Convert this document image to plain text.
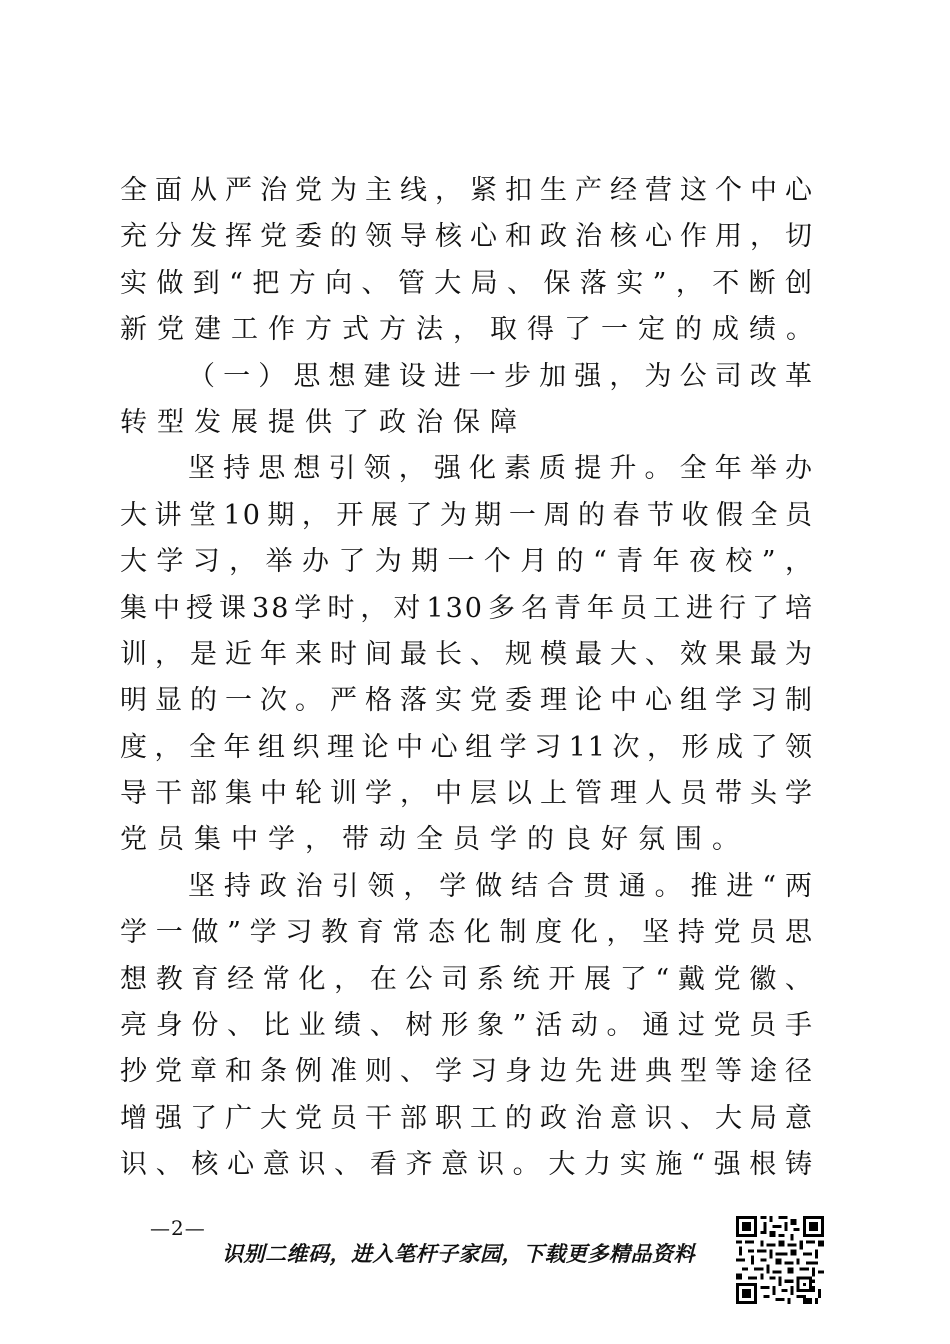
全面从严治党为主线，紧扣生产经营这个中心
充分发挥党委的领导核心和政治核心作用，切
实做到“把方向、管大局、保落实”，不断创
新党建工作方式方法，取得了一定的成绩。
（一）思想建设进一步加强，为公司改革
转型发展提供了政治保障
坚持思想引领，强化素质提升。全年举办
大讲堂10期，开展了为期一周的春节收假全员
大学习，举办了为期一个月的“青年夜校”，
集中授课38学时，对130多名青年员工进行了培
训，是近年来时间最长、规模最大、效果最为
明显的一次。严格落实党委理论中心组学习制
度，全年组织理论中心组学习11次，形成了领
导干部集中轮训学，中层以上管理人员带头学
党员集中学，带动全员学的良好氛围。
坚持政治引领，学做结合贯通。推进“两
学一做”学习教育常态化制度化，坚持党员思
想教育经常化，在公司系统开展了“戴党徽、
亮身份、比业绩、树形象”活动。通过党员手
抄党章和条例准则、学习身边先进典型等途径
增强了广大党员干部职工的政治意识、大局意
识、核心意识、看齐意识。大力实施“强根铸
—2—
识别二维码，进入笔杆子家园，下载更多精品资料
